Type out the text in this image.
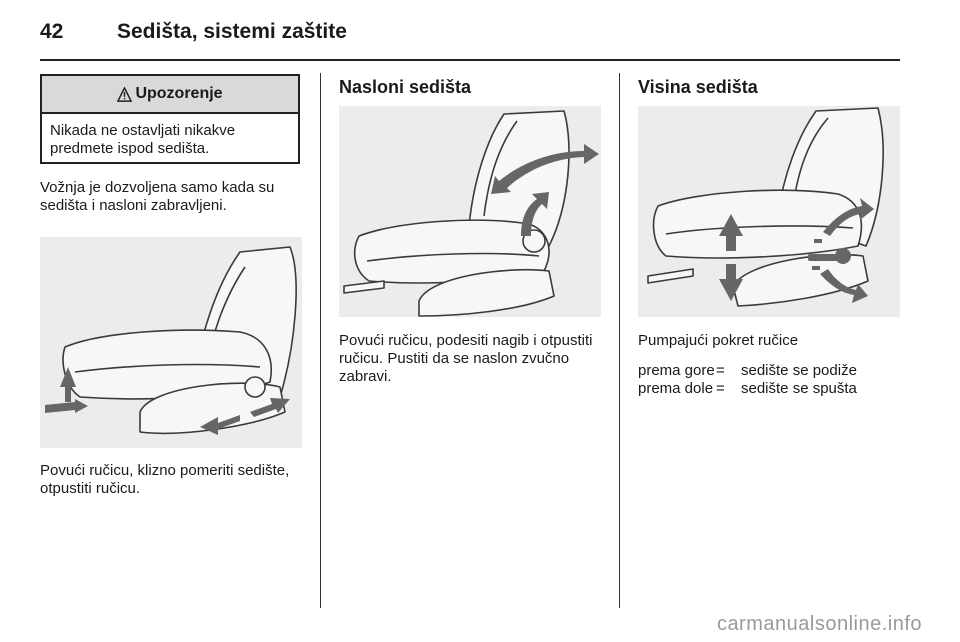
42	Sedišta, sistemi zaštite
Upozorenje
Nikada ne ostavljati nikakve predmete ispod sedišta.
Vožnja je dozvoljena samo kada su sedišta i nasloni zabravljeni.
Povući ručicu, klizno pomeriti sedište, otpustiti ručicu.
Nasloni sedišta
Povući ručicu, podesiti nagib i otpustiti ručicu. Pustiti da se naslon zvučno zabravi.
Visina sedišta
Pumpajući pokret ručice
prema gore =	sedište se podiže
prema dole =	sedište se spušta
carmanualsonline.info
